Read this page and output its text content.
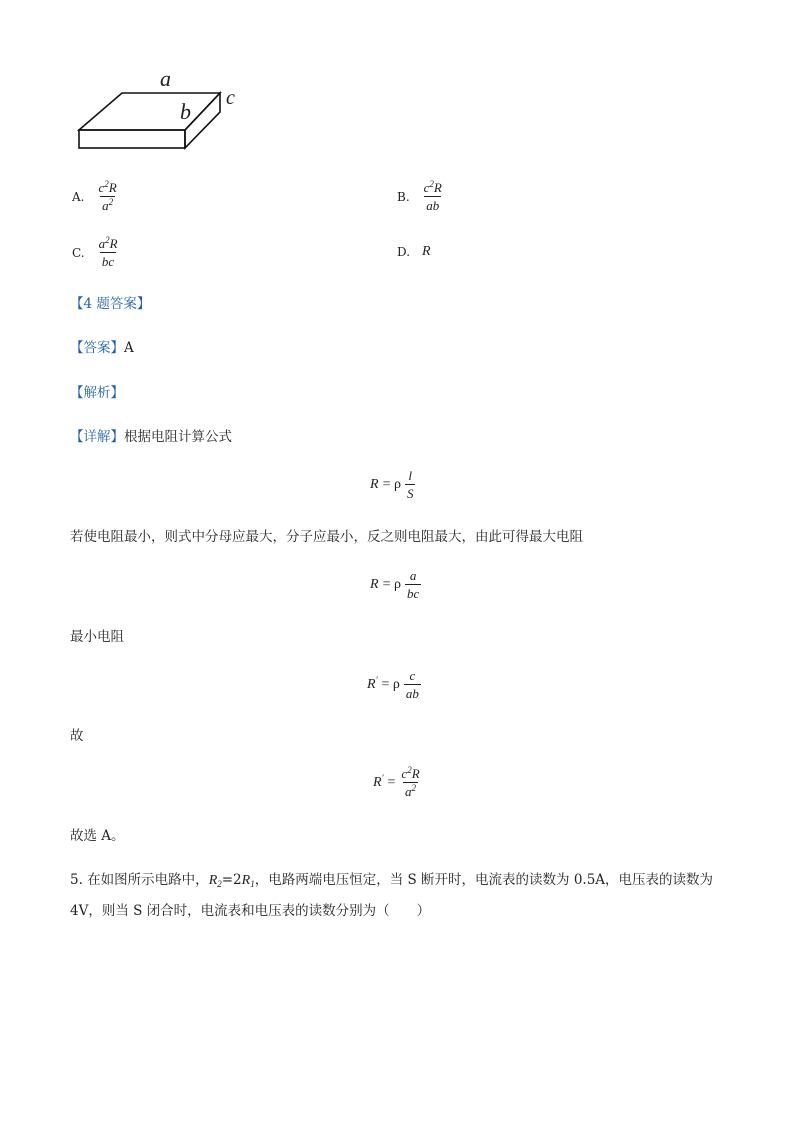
a
b
c
A. $\frac{c^2R}{a^2}$	B. $\frac{c^2R}{ab}$
C. $\frac{a^2R}{bc}$	D. R
【4 题答案】
【答案】A
【解析】
【详解】根据电阻计算公式
R = ρ $\frac{l}{S}$
若使电阻最小，则式中分母应最大，分子应最小，反之则电阻最大，由此可得最大电阻
R = ρ $\frac{a}{bc}$
最小电阻
R' = ρ $\frac{c}{ab}$
故
$R' = \frac{c^2R}{a^2}$
故选 A。
5. 在如图所示电路中，$R_2=2R_1$，电路两端电压恒定，当 S 断开时，电流表的读数为 0.5A，电压表的读数为
4V，则当 S 闭合时，电流表和电压表的读数分别为（　　）
